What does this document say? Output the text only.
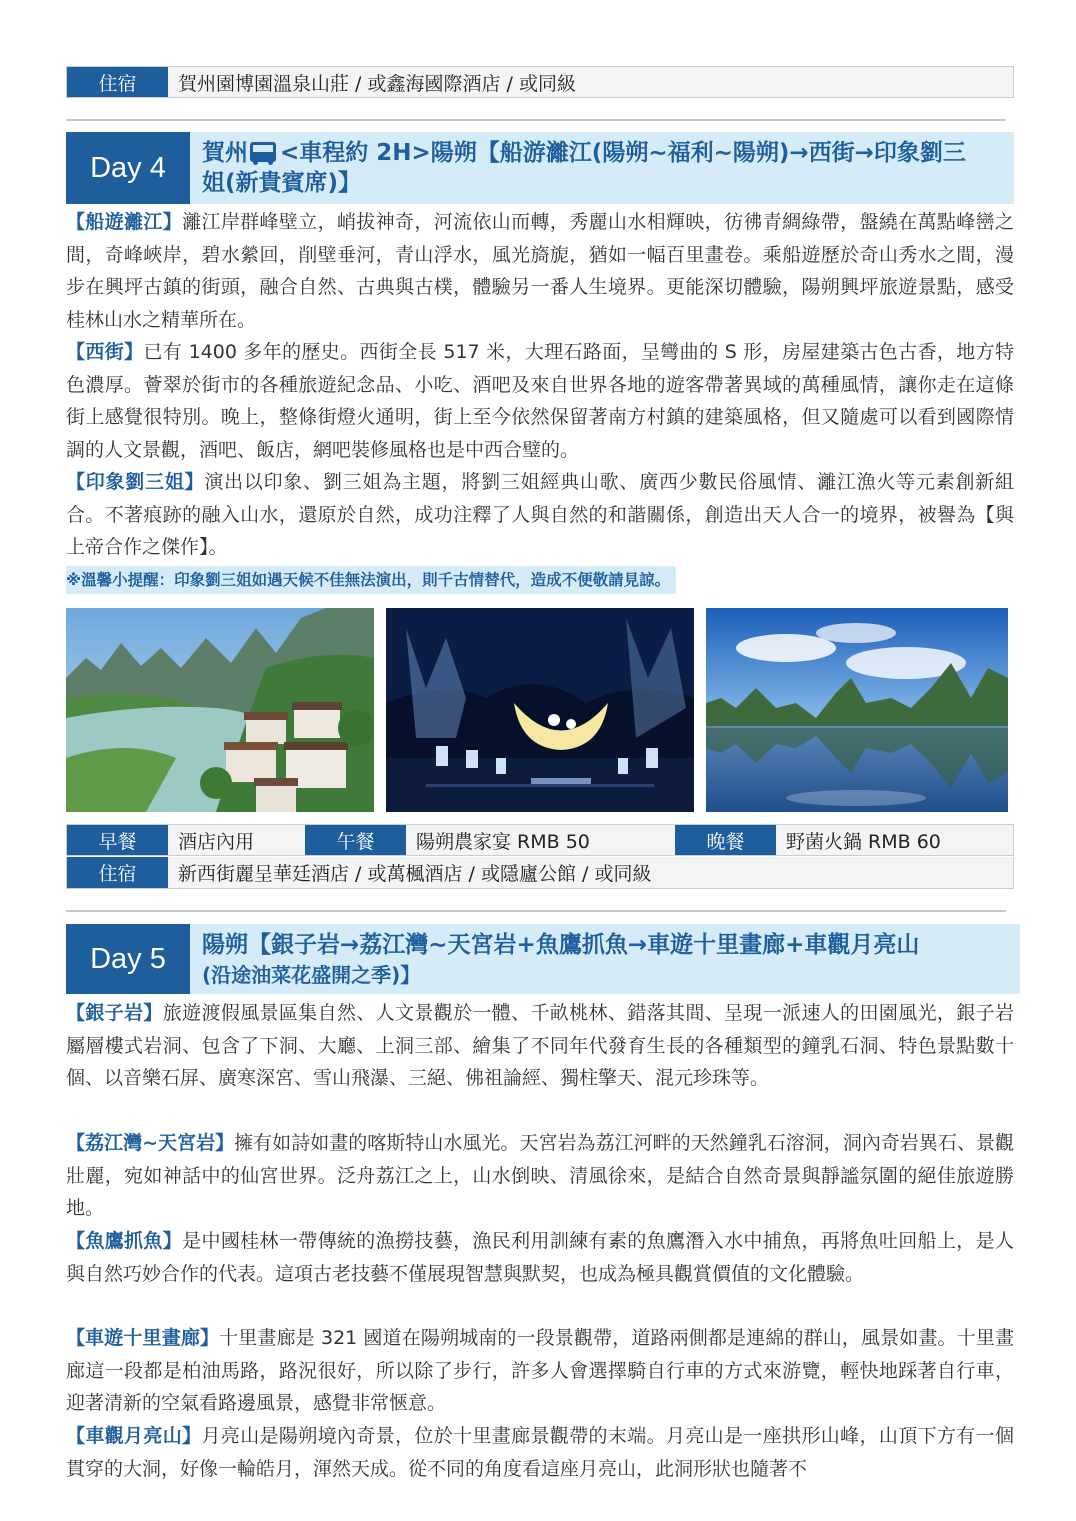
住宿	賀州園博園溫泉山莊 / 或鑫海國際酒店 / 或同級
Day 4	賀州 <車程約 2H>陽朔【船游灕江(陽朔~福利~陽朔)→西街→印象劉三
姐(新貴賓席)】

【船遊灕江】灕江岸群峰壁立，峭拔神奇，河流依山而轉，秀麗山水相輝映，彷彿青綢綠帶，盤繞在萬點峰巒之間，奇峰峽岸，碧水縈回，削壁垂河，青山浮水，風光旖旎，猶如一幅百里畫卷。乘船遊歷於奇山秀水之間，漫步在興坪古鎮的街頭，融合自然、古典與古樸，體驗另一番人生境界。更能深切體驗，陽朔興坪旅遊景點，感受桂林山水之精華所在。

【西街】已有 1400 多年的歷史。西街全長 517 米，大理石路面，呈彎曲的 S 形，房屋建築古色古香，地方特色濃厚。薈翠於街市的各種旅遊紀念品、小吃、酒吧及來自世界各地的遊客帶著異域的萬種風情，讓你走在這條街上感覺很特別。晚上，整條街燈火通明，街上至今依然保留著南方村鎮的建築風格，但又隨處可以看到國際情調的人文景觀，酒吧、飯店，網吧裝修風格也是中西合璧的。

【印象劉三姐】演出以印象、劉三姐為主題，將劉三姐經典山歌、廣西少數民俗風情、灕江漁火等元素創新組合。不著痕跡的融入山水，還原於自然，成功注釋了人與自然的和諧關係，創造出天人合一的境界，被譽為【與上帝合作之傑作】。

※溫馨小提醒：印象劉三姐如遇天候不佳無法演出，則千古情替代，造成不便敬請見諒。
早餐	酒店內用	午餐	陽朔農家宴 RMB 50	晚餐	野菌火鍋 RMB 60
住宿	新西街麗呈華廷酒店 / 或萬楓酒店 / 或隱廬公館 / 或同級
Day 5	陽朔【銀子岩→荔江灣~天宮岩+魚鷹抓魚→車遊十里畫廊+車觀月亮山
(沿途油菜花盛開之季)】

【銀子岩】旅遊渡假風景區集自然、人文景觀於一體、千畝桃林、錯落其間、呈現一派速人的田園風光，銀子岩屬層樓式岩洞、包含了下洞、大廳、上洞三部、繪集了不同年代發育生長的各種類型的鐘乳石洞、特色景點數十個、以音樂石屏、廣寒深宮、雪山飛瀑、三絕、佛祖論經、獨柱擎天、混元珍珠等。

【荔江灣~天宮岩】擁有如詩如畫的喀斯特山水風光。天宮岩為荔江河畔的天然鐘乳石溶洞，洞內奇岩異石、景觀壯麗，宛如神話中的仙宮世界。泛舟荔江之上，山水倒映、清風徐來，是結合自然奇景與靜謐氛圍的絕佳旅遊勝地。

【魚鷹抓魚】是中國桂林一帶傳統的漁撈技藝，漁民利用訓練有素的魚鷹潛入水中捕魚，再將魚吐回船上，是人與自然巧妙合作的代表。這項古老技藝不僅展現智慧與默契，也成為極具觀賞價值的文化體驗。

【車遊十里畫廊】十里畫廊是 321 國道在陽朔城南的一段景觀帶，道路兩側都是連綿的群山，風景如畫。十里畫廊這一段都是柏油馬路，路況很好，所以除了步行，許多人會選擇騎自行車的方式來游覽，輕快地踩著自行車，迎著清新的空氣看路邊風景，感覺非常愜意。

【車觀月亮山】月亮山是陽朔境內奇景，位於十里畫廊景觀帶的末端。月亮山是一座拱形山峰，山頂下方有一個貫穿的大洞，好像一輪皓月，渾然天成。從不同的角度看這座月亮山，此洞形狀也隨著不
